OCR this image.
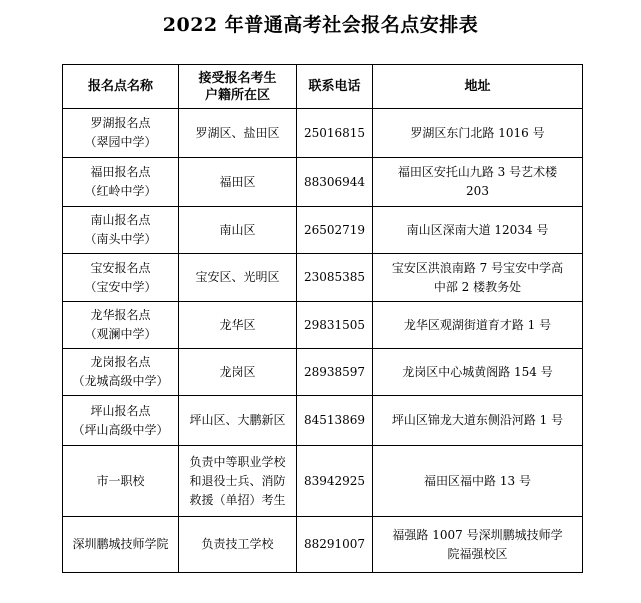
2022 年普通高考社会报名点安排表
报名点名称	接受报名考生
户籍所在区	联系电话	地址

罗湖报名点
（翠园中学）	罗湖区、盐田区	25016815	罗湖区东门北路 1016 号

福田报名点
（红岭中学）	福田区	88306944	福田区安托山九路 3 号艺术楼
203

南山报名点
（南头中学）	南山区	26502719	南山区深南大道 12034 号

宝安报名点
（宝安中学）	宝安区、光明区	23085385	宝安区洪浪南路 7 号宝安中学高
中部 2 楼教务处

龙华报名点
（观澜中学）	龙华区	29831505	龙华区观湖街道育才路 1 号

龙岗报名点
（龙城高级中学）	龙岗区	28938597	龙岗区中心城黄阁路 154 号

坪山报名点
（坪山高级中学）	坪山区、大鹏新区	84513869	坪山区锦龙大道东侧沿河路 1 号

市一职校	负责中等职业学校
和退役士兵、消防
救援（单招）考生	83942925	福田区福中路 13 号

深圳鹏城技师学院	负责技工学校	88291007	福强路 1007 号深圳鹏城技师学
院福强校区
